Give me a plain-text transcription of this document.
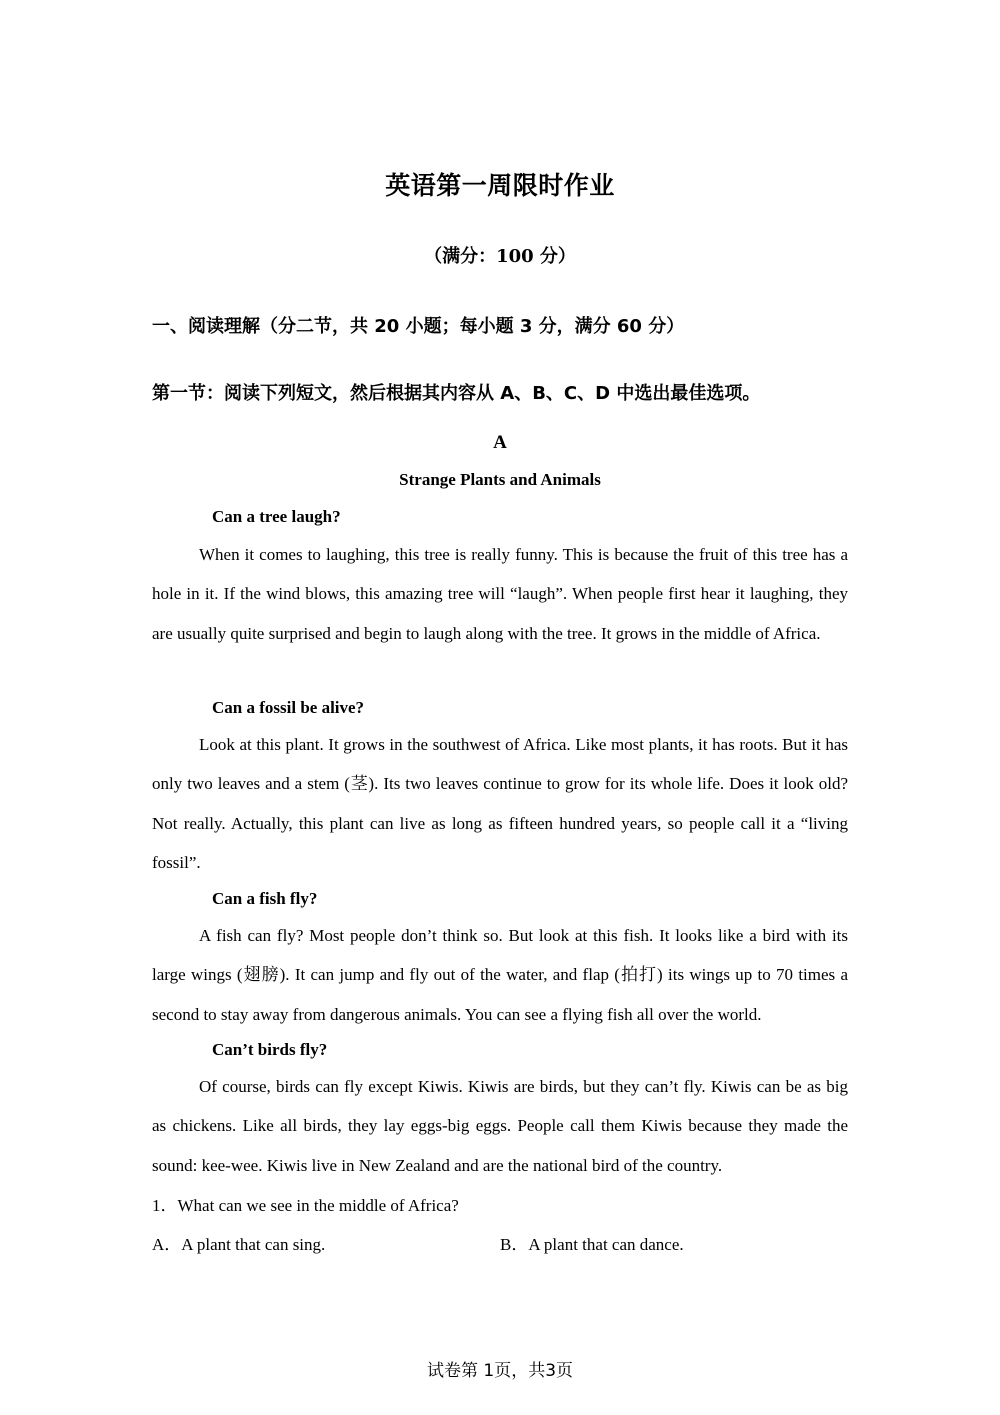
英语第一周限时作业
（满分：100 分）
一、阅读理解（分二节，共 20 小题；每小题 3 分，满分 60 分）
第一节：阅读下列短文，然后根据其内容从 A、B、C、D 中选出最佳选项。
A
Strange Plants and Animals
Can a tree laugh?

When it comes to laughing, this tree is really funny. This is because the fruit of this tree has a hole in it. If the wind blows, this amazing tree will “laugh”. When people first hear it laughing, they are usually quite surprised and begin to laugh along with the tree. It grows in the middle of Africa.

Can a fossil be alive?

Look at this plant. It grows in the southwest of Africa. Like most plants, it has roots. But it has only two leaves and a stem (茎). Its two leaves continue to grow for its whole life. Does it look old? Not really. Actually, this plant can live as long as fifteen hundred years, so people call it a “living fossil”.

Can a fish fly?

A fish can fly? Most people don’t think so. But look at this fish. It looks like a bird with its large wings (翅膀). It can jump and fly out of the water, and flap (拍打) its wings up to 70 times a second to stay away from dangerous animals. You can see a flying fish all over the world.

Can’t birds fly?

Of course, birds can fly except Kiwis. Kiwis are birds, but they can’t fly. Kiwis can be as big as chickens. Like all birds, they lay eggs-big eggs. People call them Kiwis because they made the sound: kee-wee. Kiwis live in New Zealand and are the national bird of the country.

1．What can we see in the middle of Africa?
A．A plant that can sing.	B．A plant that can dance.
试卷第 1页，共3页
